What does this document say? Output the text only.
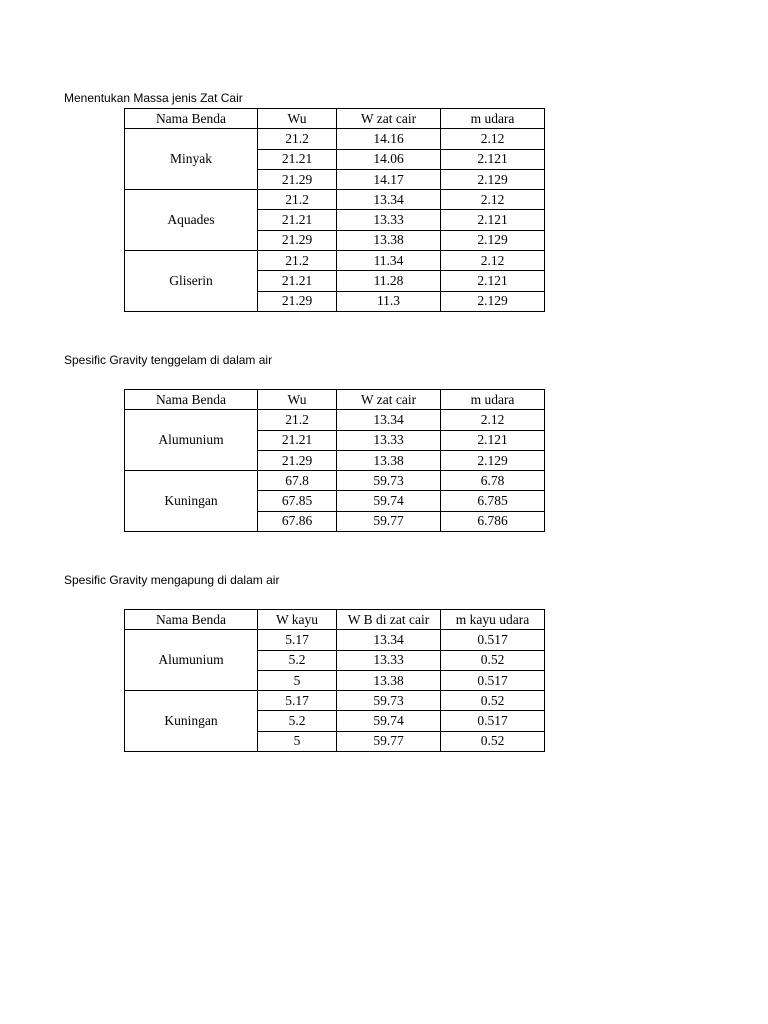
Menentukan Massa jenis Zat Cair
Nama Benda	Wu	W zat cair	m udara
Minyak	21.2	14.16	2.12
	21.21	14.06	2.121
	21.29	14.17	2.129
Aquades	21.2	13.34	2.12
	21.21	13.33	2.121
	21.29	13.38	2.129
Gliserin	21.2	11.34	2.12
	21.21	11.28	2.121
	21.29	11.3	2.129
Spesific Gravity tenggelam di dalam air
Nama Benda	Wu	W zat cair	m udara
Alumunium	21.2	13.34	2.12
	21.21	13.33	2.121
	21.29	13.38	2.129
Kuningan	67.8	59.73	6.78
	67.85	59.74	6.785
	67.86	59.77	6.786
Spesific Gravity mengapung di dalam air
Nama Benda	W kayu	W B di zat cair	m kayu udara
Alumunium	5.17	13.34	0.517
	5.2	13.33	0.52
	5	13.38	0.517
Kuningan	5.17	59.73	0.52
	5.2	59.74	0.517
	5	59.77	0.52
